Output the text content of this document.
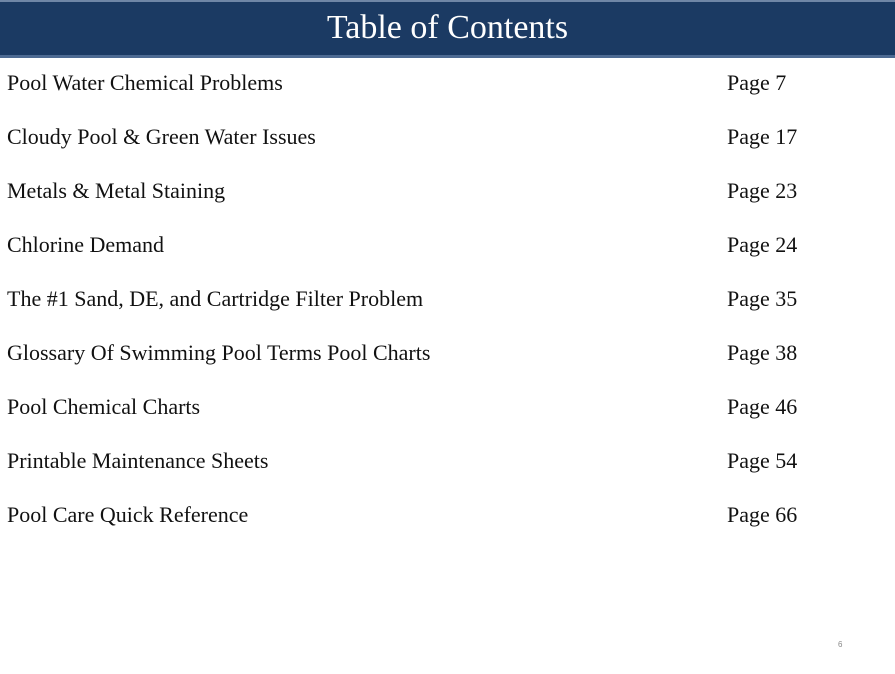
Table of Contents
Pool Water Chemical Problems	Page 7
Cloudy Pool & Green Water Issues	Page 17
Metals & Metal Staining	Page 23
Chlorine Demand	Page 24
The #1 Sand, DE, and Cartridge Filter Problem	Page 35
Glossary Of Swimming Pool Terms Pool Charts	Page 38
Pool Chemical Charts	Page 46
Printable Maintenance Sheets	Page 54
Pool Care Quick Reference	Page 66
6
